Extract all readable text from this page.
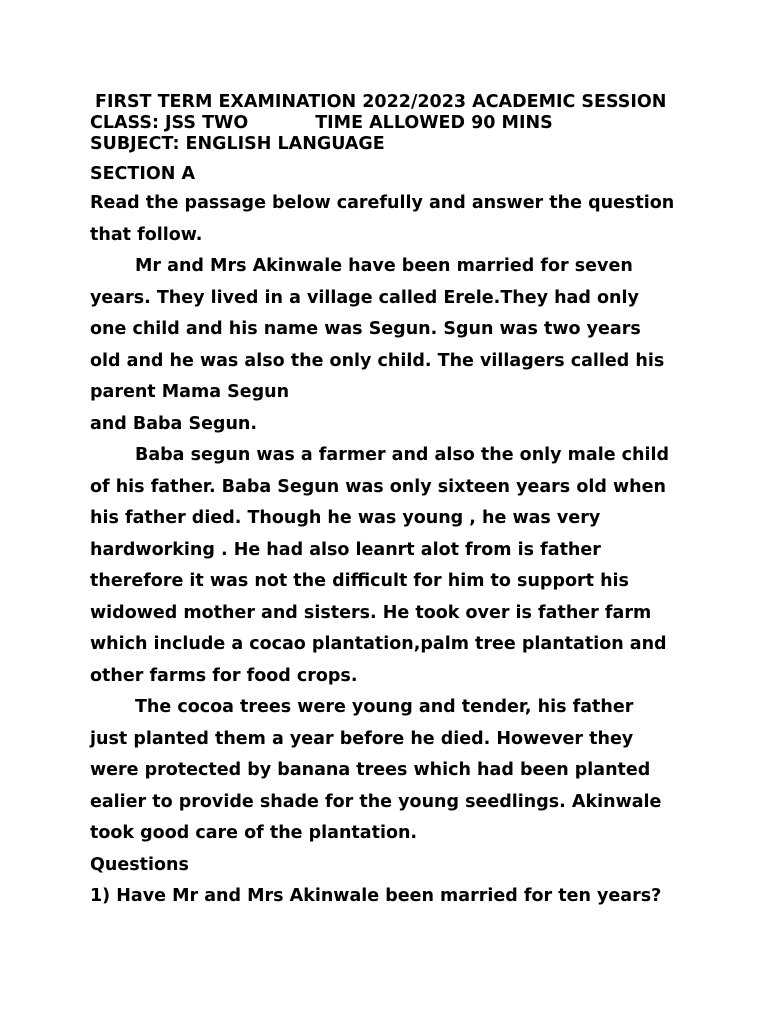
FIRST TERM EXAMINATION 2022/2023 ACADEMIC SESSION
CLASS: JSS TWO           TIME ALLOWED 90 MINS
SUBJECT: ENGLISH LANGUAGE
SECTION A
Read the passage below carefully and answer the question
that follow.
Mr and Mrs Akinwale have been married for seven
years. They lived in a village called Erele.They had only
one child and his name was Segun. Sgun was two years
old and he was also the only child. The villagers called his
parent Mama Segun
and Baba Segun.
Baba segun was a farmer and also the only male child
of his father. Baba Segun was only sixteen years old when
his father died. Though he was young , he was very
hardworking . He had also leanrt alot from is father
therefore it was not the difficult for him to support his
widowed mother and sisters. He took over is father farm
which include a cocao plantation,palm tree plantation and
other farms for food crops.
The cocoa trees were young and tender, his father
just planted them a year before he died. However they
were protected by banana trees which had been planted
ealier to provide shade for the young seedlings. Akinwale
took good care of the plantation.
Questions
1) Have Mr and Mrs Akinwale been married for ten years?
